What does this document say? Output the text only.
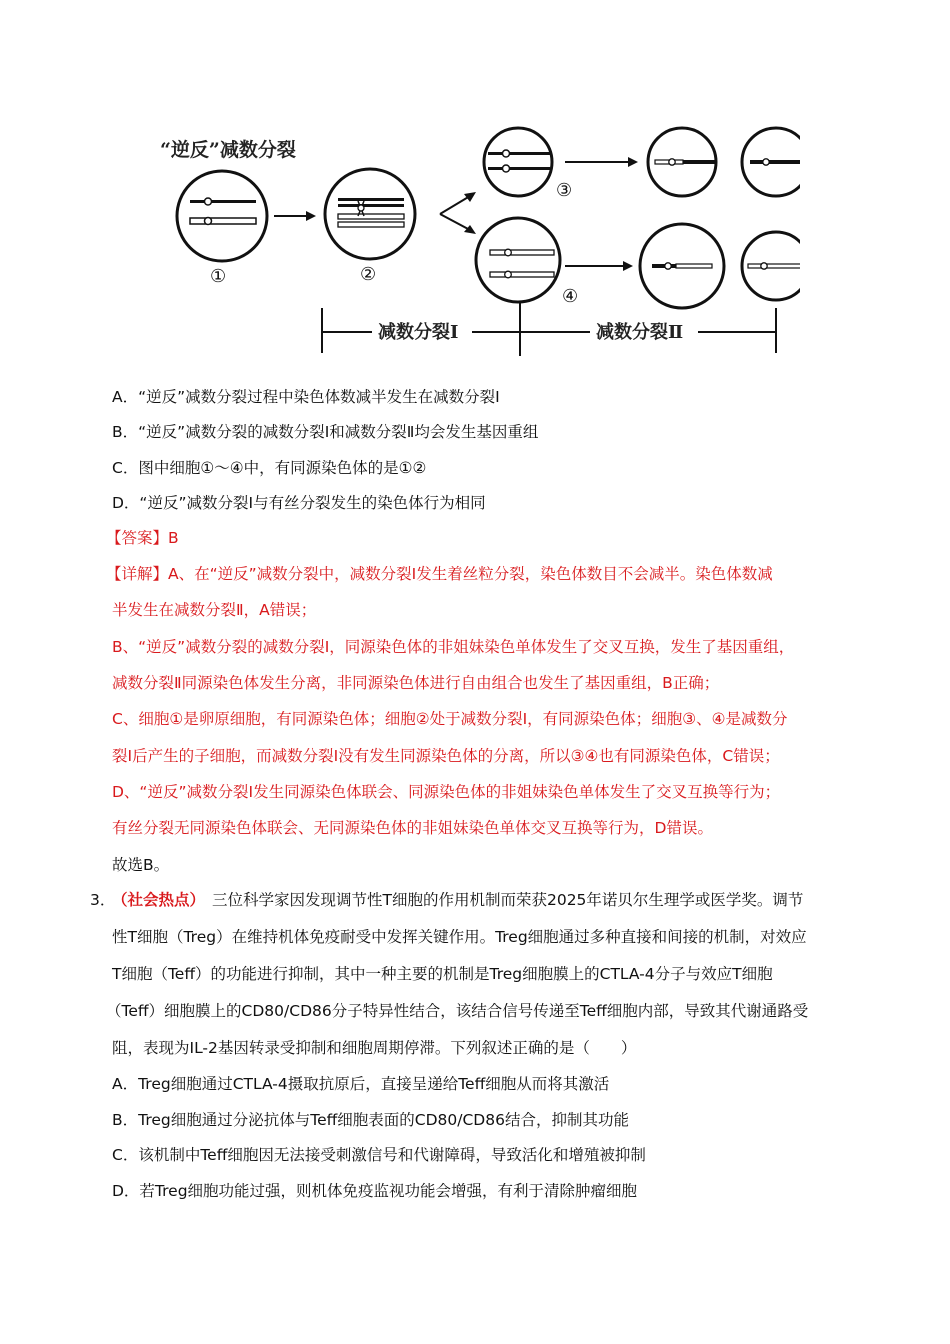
“逆反”减数分裂
①	②
③
④
减数分裂Ⅰ	减数分裂Ⅱ
A．“逆反”减数分裂过程中染色体数减半发生在减数分裂Ⅰ
B．“逆反”减数分裂的减数分裂Ⅰ和减数分裂Ⅱ均会发生基因重组
C．图中细胞①～④中，有同源染色体的是①②
D．“逆反”减数分裂Ⅰ与有丝分裂发生的染色体行为相同
【答案】B
【详解】A、在“逆反”减数分裂中，减数分裂Ⅰ发生着丝粒分裂，染色体数目不会减半。染色体数减
半发生在减数分裂Ⅱ，A错误；
B、“逆反”减数分裂的减数分裂Ⅰ，同源染色体的非姐妹染色单体发生了交叉互换，发生了基因重组，
减数分裂Ⅱ同源染色体发生分离，非同源染色体进行自由组合也发生了基因重组，B正确；
C、细胞①是卵原细胞，有同源染色体；细胞②处于减数分裂Ⅰ，有同源染色体；细胞③、④是减数分
裂Ⅰ后产生的子细胞，而减数分裂Ⅰ没有发生同源染色体的分离，所以③④也有同源染色体，C错误；
D、“逆反”减数分裂Ⅰ发生同源染色体联会、同源染色体的非姐妹染色单体发生了交叉互换等行为；
有丝分裂无同源染色体联会、无同源染色体的非姐妹染色单体交叉互换等行为，D错误。
故选B。
3．
（社会热点） 三位科学家因发现调节性T细胞的作用机制而荣获2025年诺贝尔生理学或医学奖。调节
性T细胞（Treg）在维持机体免疫耐受中发挥关键作用。Treg细胞通过多种直接和间接的机制，对效应
T细胞（Teff）的功能进行抑制，其中一种主要的机制是Treg细胞膜上的CTLA-4分子与效应T细胞
（Teff）细胞膜上的CD80/CD86分子特异性结合，该结合信号传递至Teff细胞内部，导致其代谢通路受
阻，表现为IL-2基因转录受抑制和细胞周期停滞。下列叙述正确的是（　　）
A．Treg细胞通过CTLA-4摄取抗原后，直接呈递给Teff细胞从而将其激活
B．Treg细胞通过分泌抗体与Teff细胞表面的CD80/CD86结合，抑制其功能
C．该机制中Teff细胞因无法接受刺激信号和代谢障碍，导致活化和增殖被抑制
D．若Treg细胞功能过强，则机体免疫监视功能会增强，有利于清除肿瘤细胞
